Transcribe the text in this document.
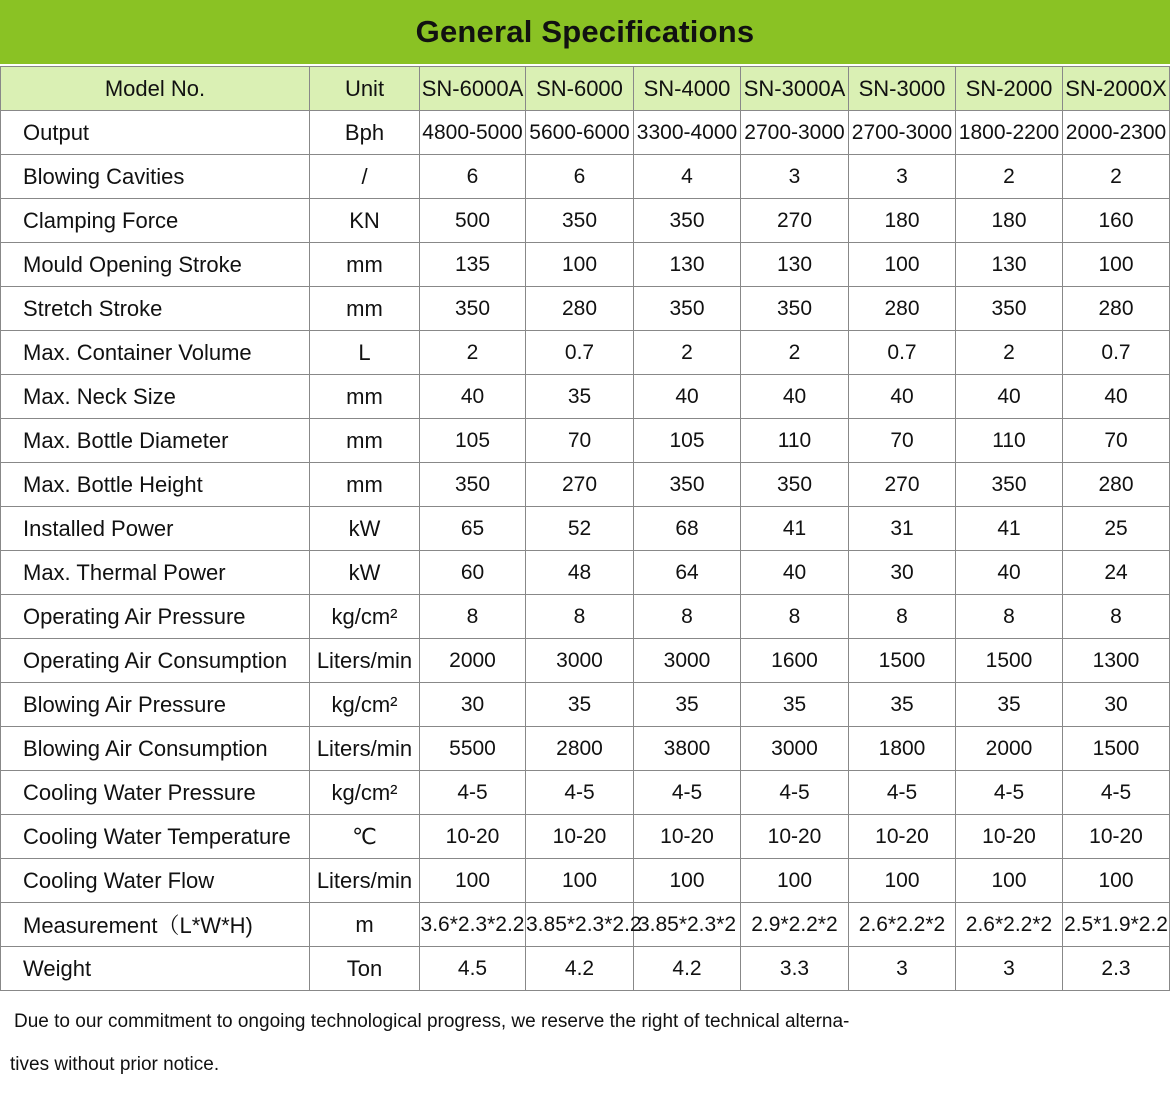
General Specifications
Model No.	Unit	SN-6000A	SN-6000	SN-4000	SN-3000A	SN-3000	SN-2000	SN-2000X
Output	Bph	4800-5000	5600-6000	3300-4000	2700-3000	2700-3000	1800-2200	2000-2300
Blowing Cavities	/	6	6	4	3	3	2	2
Clamping Force	KN	500	350	350	270	180	180	160
Mould Opening Stroke	mm	135	100	130	130	100	130	100
Stretch Stroke	mm	350	280	350	350	280	350	280
Max. Container Volume	L	2	0.7	2	2	0.7	2	0.7
Max. Neck Size	mm	40	35	40	40	40	40	40
Max. Bottle Diameter	mm	105	70	105	110	70	110	70
Max. Bottle Height	mm	350	270	350	350	270	350	280
Installed Power	kW	65	52	68	41	31	41	25
Max. Thermal Power	kW	60	48	64	40	30	40	24
Operating Air Pressure	kg/cm²	8	8	8	8	8	8	8
Operating Air Consumption	Liters/min	2000	3000	3000	1600	1500	1500	1300
Blowing Air Pressure	kg/cm²	30	35	35	35	35	35	30
Blowing Air Consumption	Liters/min	5500	2800	3800	3000	1800	2000	1500
Cooling Water Pressure	kg/cm²	4-5	4-5	4-5	4-5	4-5	4-5	4-5
Cooling Water Temperature	℃	10-20	10-20	10-20	10-20	10-20	10-20	10-20
Cooling Water Flow	Liters/min	100	100	100	100	100	100	100
Measurement（L*W*H)	m	3.6*2.3*2.2	3.85*2.3*2.2	3.85*2.3*2	2.9*2.2*2	2.6*2.2*2	2.6*2.2*2	2.5*1.9*2.2
Weight	Ton	4.5	4.2	4.2	3.3	3	3	2.3
Due to our commitment to ongoing technological progress, we reserve the right of technical alterna-
tives without prior notice.
